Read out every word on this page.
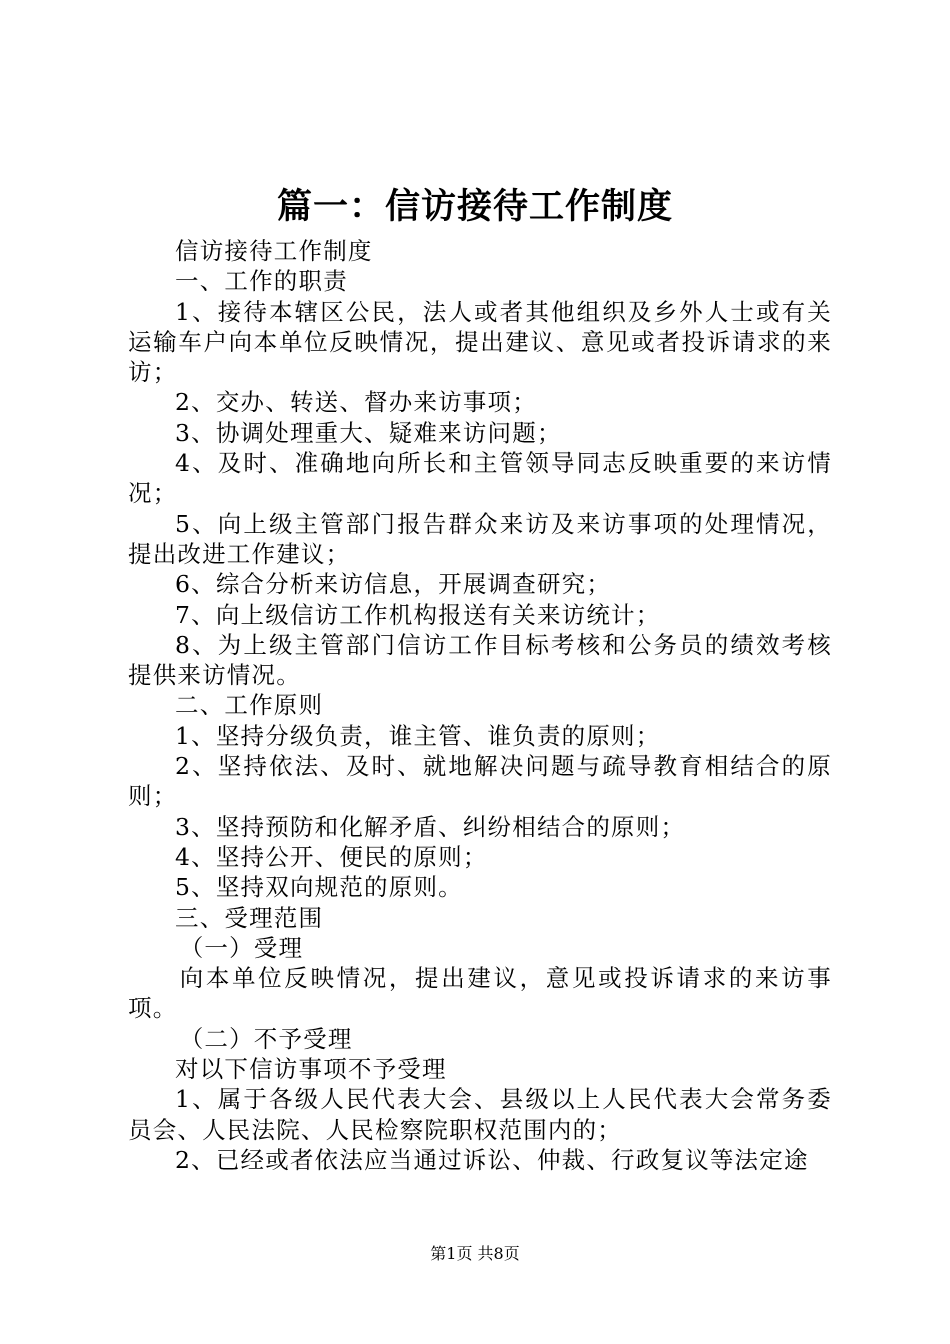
篇一：信访接待工作制度

信访接待工作制度

一、工作的职责

1、接待本辖区公民，法人或者其他组织及乡外人士或有关运输车户向本单位反映情况，提出建议、意见或者投诉请求的来访；

2、交办、转送、督办来访事项；

3、协调处理重大、疑难来访问题；

4、及时、准确地向所长和主管领导同志反映重要的来访情况；

5、向上级主管部门报告群众来访及来访事项的处理情况，提出改进工作建议；

6、综合分析来访信息，开展调查研究；

7、向上级信访工作机构报送有关来访统计；

8、为上级主管部门信访工作目标考核和公务员的绩效考核提供来访情况。

二、工作原则

1、坚持分级负责，谁主管、谁负责的原则；

2、坚持依法、及时、就地解决问题与疏导教育相结合的原则；

3、坚持预防和化解矛盾、纠纷相结合的原则；

4、坚持公开、便民的原则；

5、坚持双向规范的原则。

三、受理范围

（一）受理

向本单位反映情况，提出建议，意见或投诉请求的来访事项。

（二）不予受理

对以下信访事项不予受理

1、属于各级人民代表大会、县级以上人民代表大会常务委员会、人民法院、人民检察院职权范围内的；

2、已经或者依法应当通过诉讼、仲裁、行政复议等法定途

第1页 共8页
